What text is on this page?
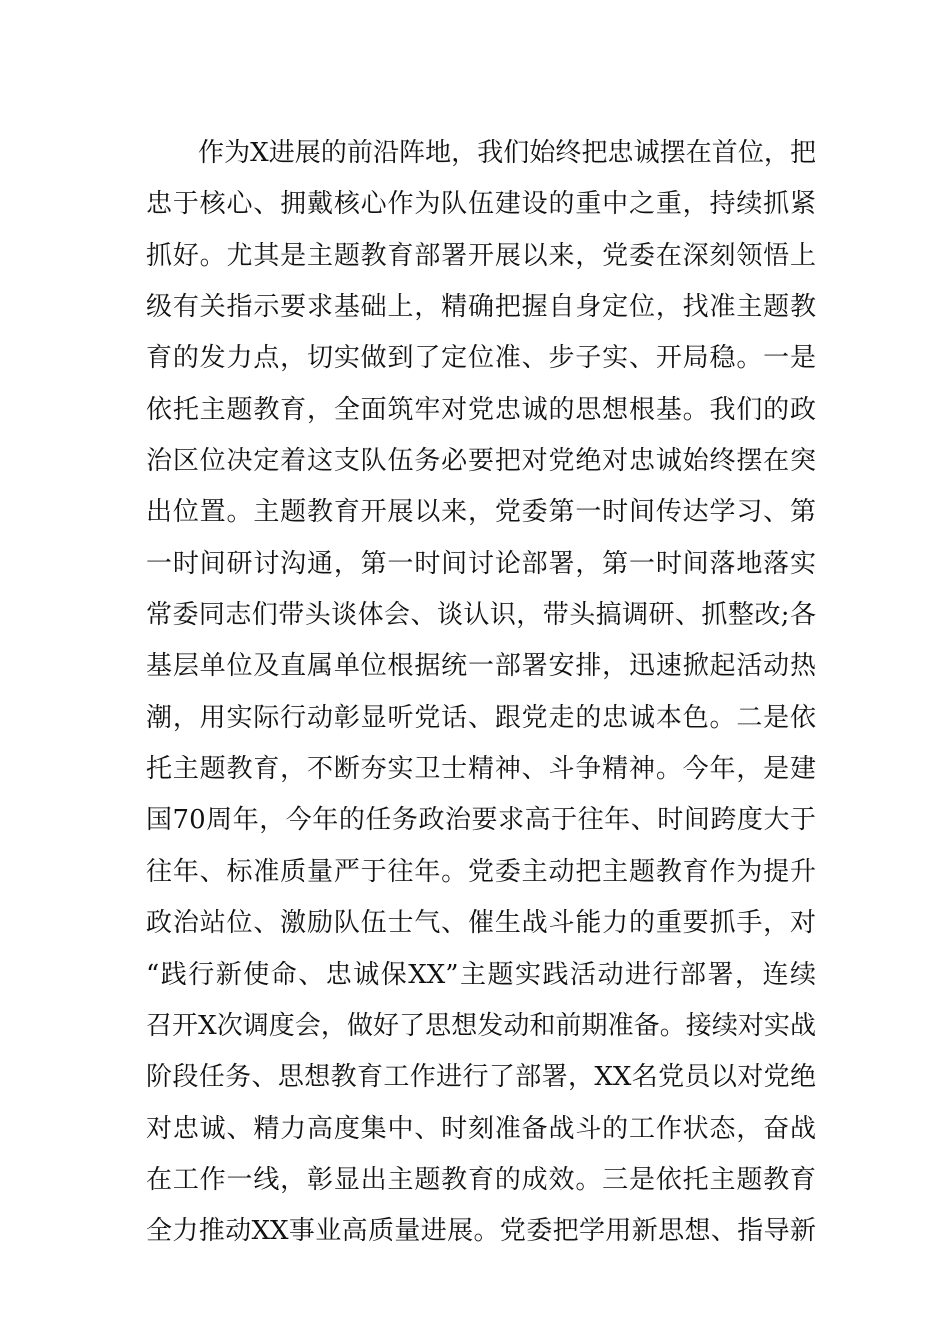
作为X进展的前沿阵地，我们始终把忠诚摆在首位，把
忠于核心、拥戴核心作为队伍建设的重中之重，持续抓紧
抓好。尤其是主题教育部署开展以来，党委在深刻领悟上
级有关指示要求基础上，精确把握自身定位，找准主题教
育的发力点，切实做到了定位准、步子实、开局稳。一是
依托主题教育，全面筑牢对党忠诚的思想根基。我们的政
治区位决定着这支队伍务必要把对党绝对忠诚始终摆在突
出位置。主题教育开展以来，党委第一时间传达学习、第
一时间研讨沟通，第一时间讨论部署，第一时间落地落实
常委同志们带头谈体会、谈认识，带头搞调研、抓整改;各
基层单位及直属单位根据统一部署安排，迅速掀起活动热
潮，用实际行动彰显听党话、跟党走的忠诚本色。二是依
托主题教育，不断夯实卫士精神、斗争精神。今年，是建
国70周年，今年的任务政治要求高于往年、时间跨度大于
往年、标准质量严于往年。党委主动把主题教育作为提升
政治站位、激励队伍士气、催生战斗能力的重要抓手，对
“践行新使命、忠诚保XX”主题实践活动进行部署，连续
召开X次调度会，做好了思想发动和前期准备。接续对实战
阶段任务、思想教育工作进行了部署，XX名党员以对党绝
对忠诚、精力高度集中、时刻准备战斗的工作状态，奋战
在工作一线，彰显出主题教育的成效。三是依托主题教育
全力推动XX事业高质量进展。党委把学用新思想、指导新
